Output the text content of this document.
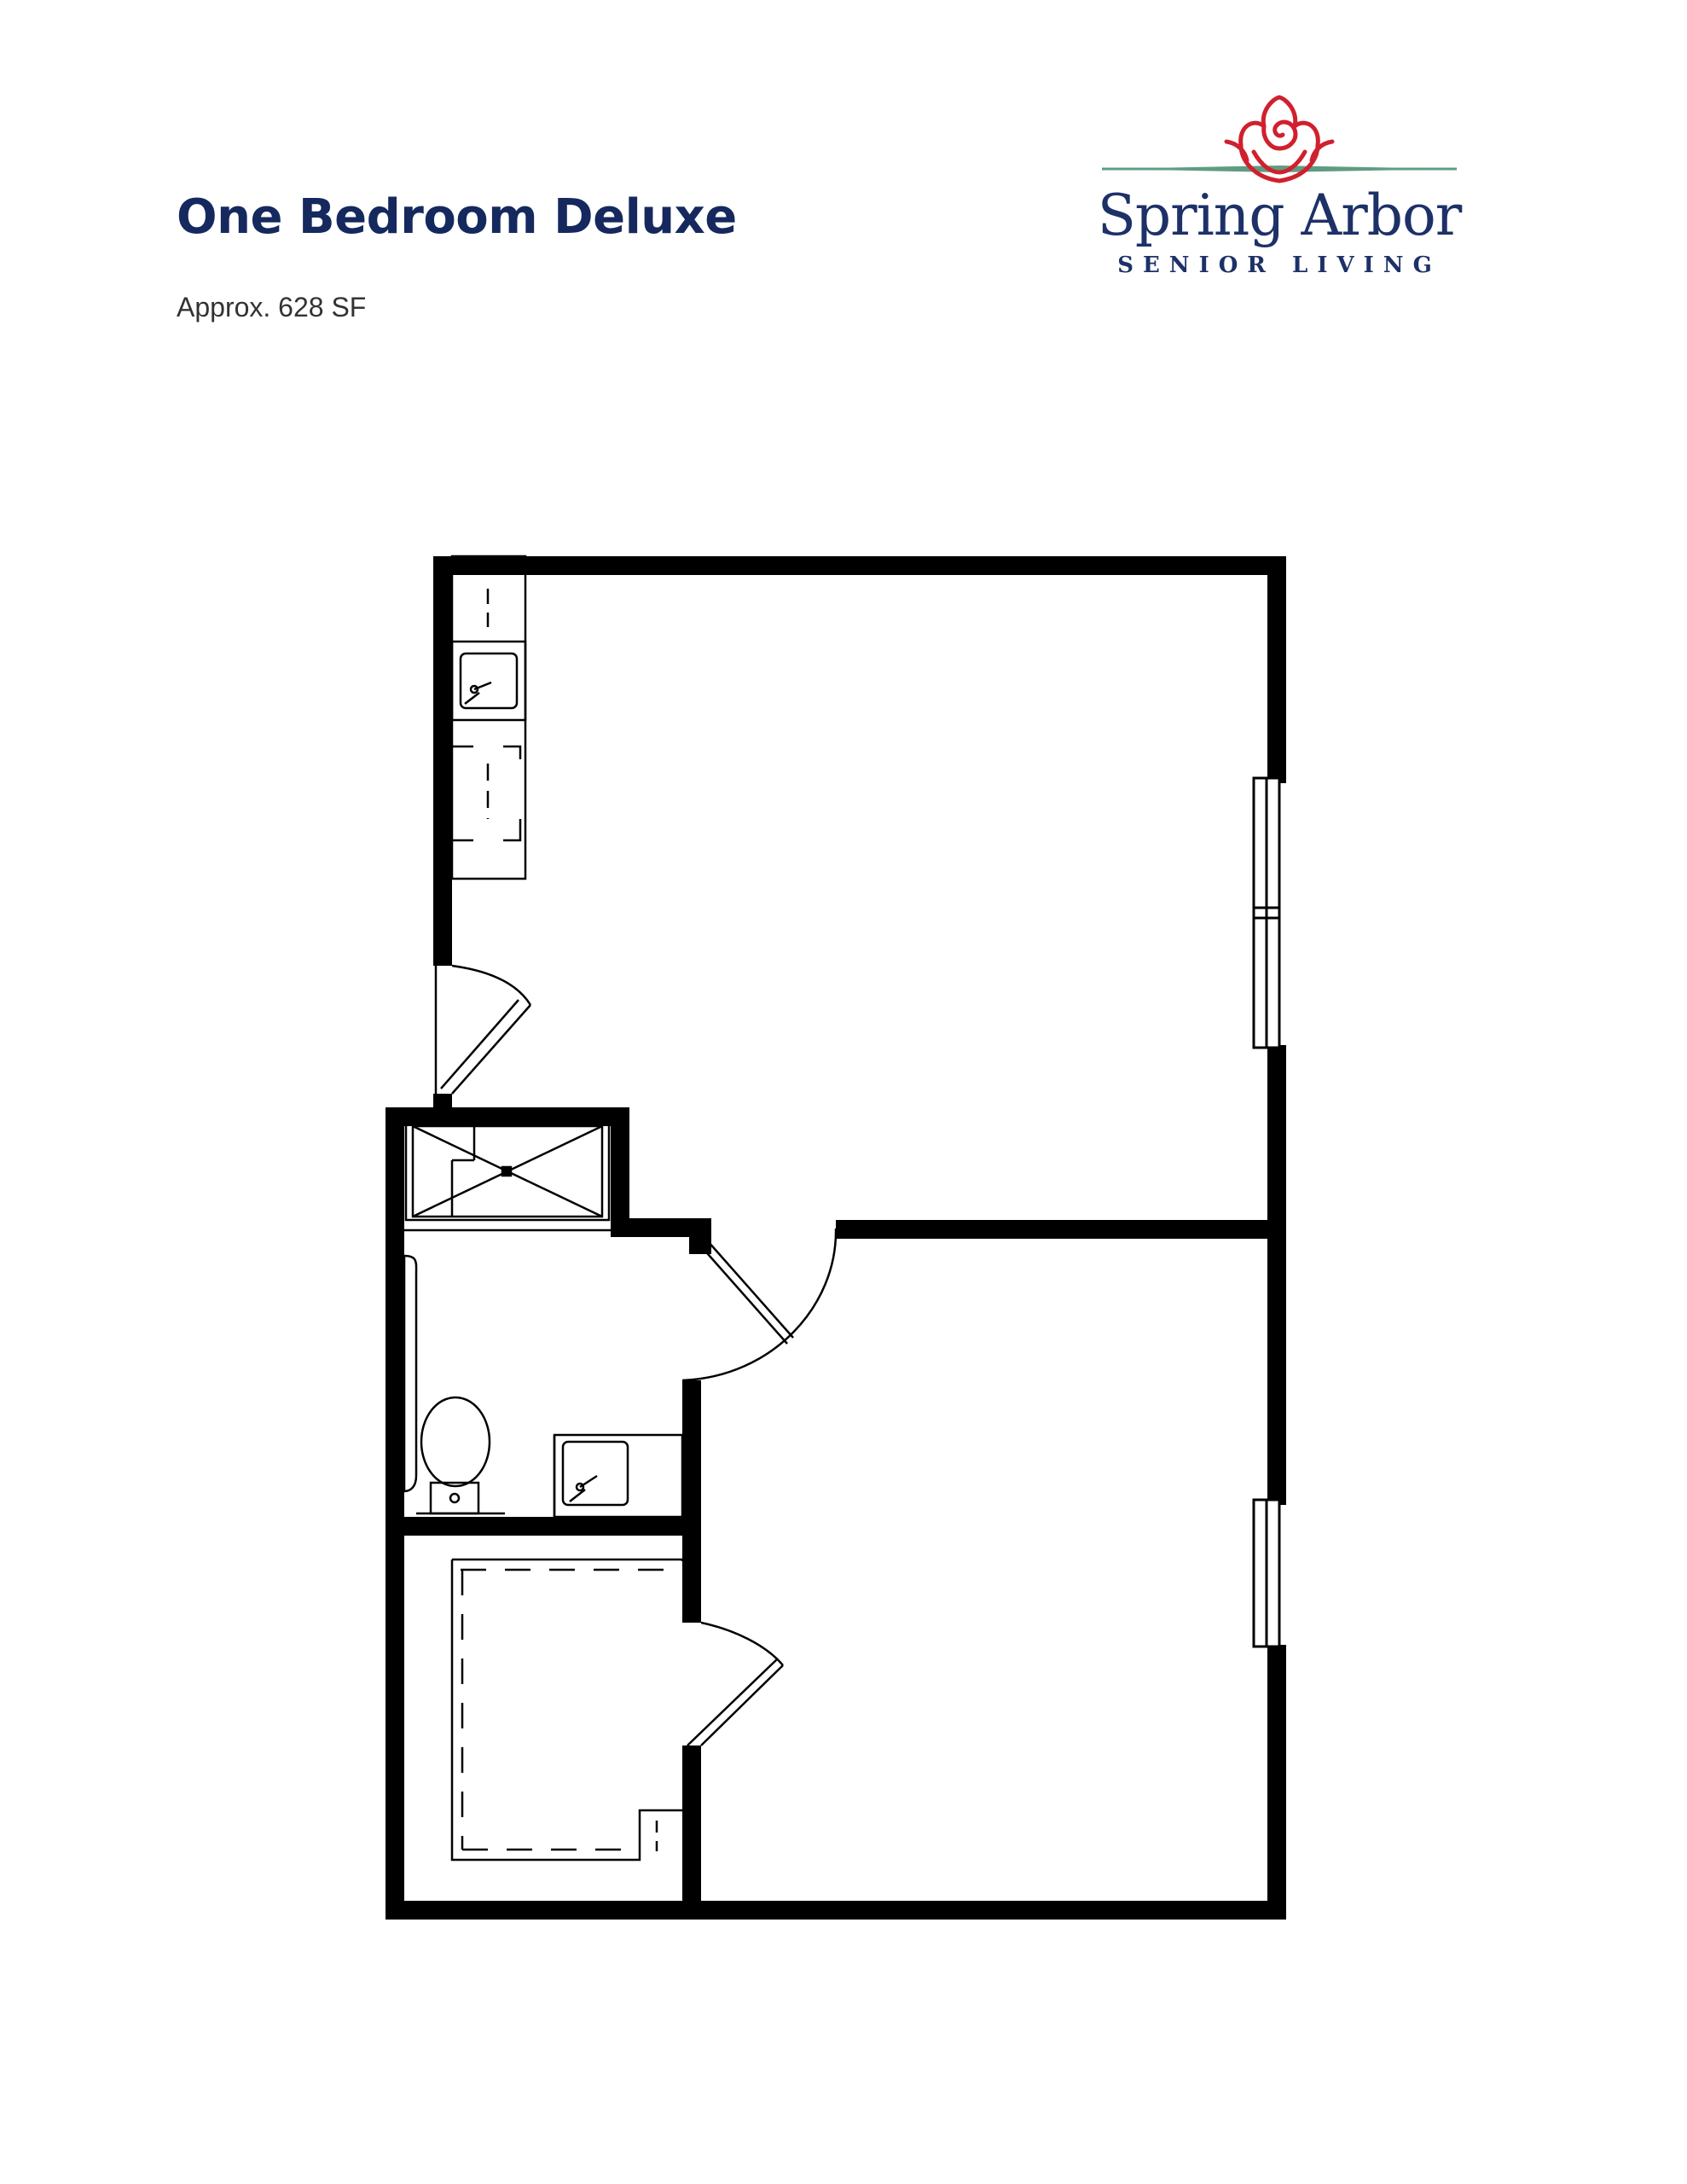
One Bedroom Deluxe
Approx. 628 SF
Spring Arbor
SENIOR LIVING
